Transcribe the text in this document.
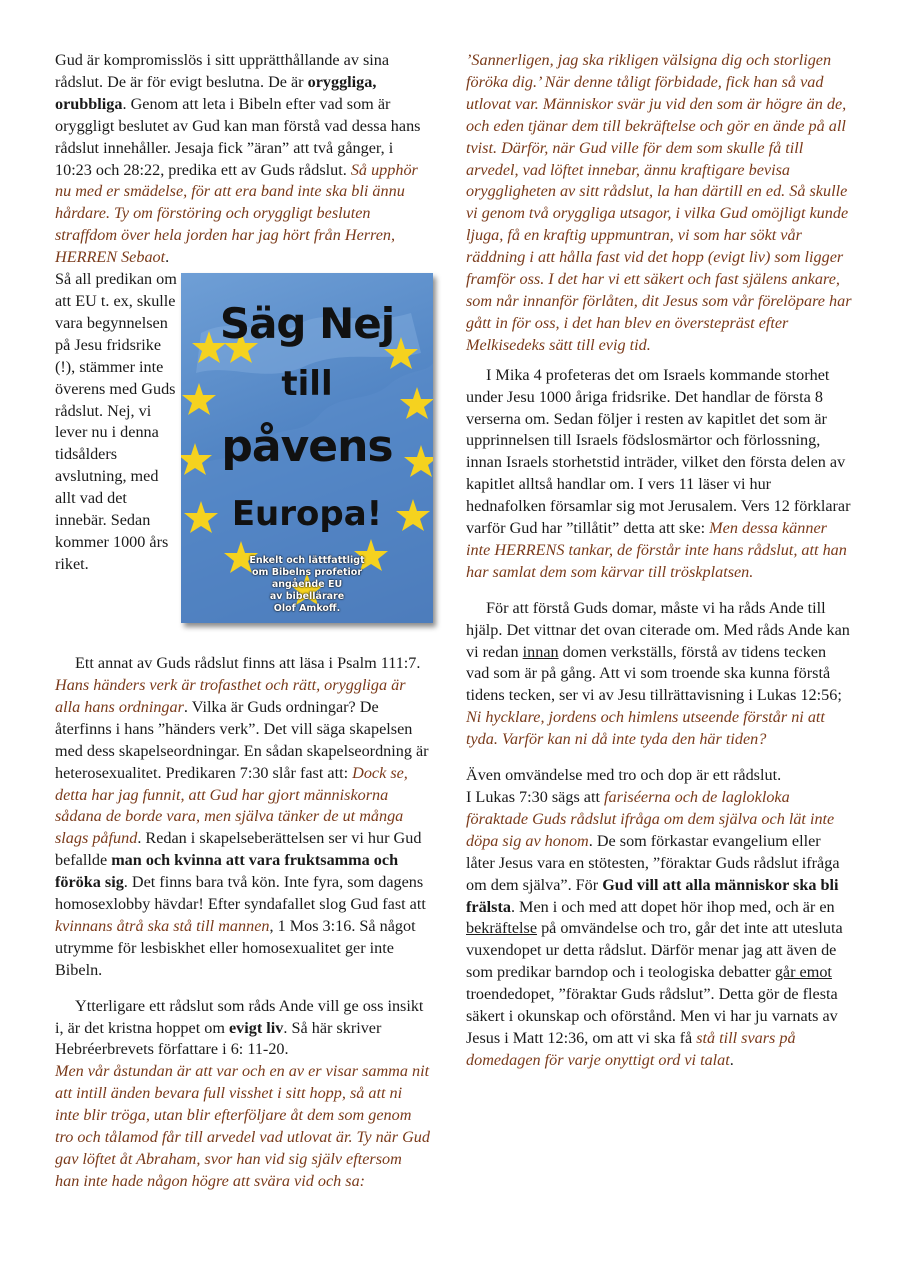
Gud är kompromisslös i sitt upprätthållande av sina rådslut. De är för evigt beslutna. De är oryggliga, orubbliga. Genom att leta i Bibeln efter vad som är oryggligt beslutet av Gud kan man förstå vad dessa hans rådslut innehåller. Jesaja fick ”äran” att två gånger, i 10:23 och 28:22, predika ett av Guds rådslut. Så upphör nu med er smädelse, för att era band inte ska bli ännu hårdare. Ty om förstöring och oryggligt besluten straffdom över hela jorden har jag hört från Herren, HERREN Sebaot.

Så all predikan om att EU t. ex, skulle vara begynnelsen på Jesu fridsrike (!), stämmer inte överens med Guds rådslut. Nej, vi lever nu i denna tidsålders avslutning, med allt vad det innebär. Sedan kommer 1000 års riket.

Säg Nej
till
påvens
Europa!
Enkelt och lättfattligt
om Bibelns profetior
angående EU
av bibellärare
Olof Amkoff.

Ett annat av Guds rådslut finns att läsa i Psalm 111:7. Hans händers verk är trofasthet och rätt, oryggliga är alla hans ordningar. Vilka är Guds ordningar? De återfinns i hans ”händers verk”. Det vill säga skapelsen med dess skapelseordningar. En sådan skapelseordning är heterosexualitet. Predikaren 7:30 slår fast att: Dock se, detta har jag funnit, att Gud har gjort människorna sådana de borde vara, men själva tänker de ut många slags påfund. Redan i skapelseberättelsen ser vi hur Gud befallde man och kvinna att vara fruktsamma och föröka sig. Det finns bara två kön. Inte fyra, som dagens homosexlobby hävdar! Efter syndafallet slog Gud fast att kvinnans åtrå ska stå till mannen, 1 Mos 3:16. Så något utrymme för lesbiskhet eller homosexualitet ger inte Bibeln.

Ytterligare ett rådslut som råds Ande vill ge oss insikt i, är det kristna hoppet om evigt liv. Så här skriver Hebréerbrevets författare i 6: 11-20.

Men vår åstundan är att var och en av er visar samma nit att intill änden bevara full visshet i sitt hopp, så att ni inte blir tröga, utan blir efterföljare åt dem som genom tro och tålamod får till arvedel vad utlovat är. Ty när Gud gav löftet åt Abraham, svor han vid sig själv eftersom han inte hade någon högre att svära vid och sa:

’Sannerligen, jag ska rikligen välsigna dig och storligen föröka dig.’ När denne tåligt förbidade, fick han så vad utlovat var. Människor svär ju vid den som är högre än de, och eden tjänar dem till bekräftelse och gör en ände på all tvist. Därför, när Gud ville för dem som skulle få till arvedel, vad löftet innebar, ännu kraftigare bevisa oryggligheten av sitt rådslut, la han därtill en ed. Så skulle vi genom två oryggliga utsagor, i vilka Gud omöjligt kunde ljuga, få en kraftig uppmuntran, vi som har sökt vår räddning i att hålla fast vid det hopp (evigt liv) som ligger framför oss. I det har vi ett säkert och fast själens ankare, som når innanför förlåten, dit Jesus som vår förelöpare har gått in för oss, i det han blev en överstepräst efter Melkisedeks sätt till evig tid.

I Mika 4 profeteras det om Israels kommande storhet under Jesu 1000 åriga fridsrike. Det handlar de första 8 verserna om. Sedan följer i resten av kapitlet det som är upprinnelsen till Israels födslosmärtor och förlossning, innan Israels storhetstid inträder, vilket den första delen av kapitlet alltså handlar om. I vers 11 läser vi hur hednafolken församlar sig mot Jerusalem. Vers 12 förklarar varför Gud har ”tillåtit” detta att ske: Men dessa känner inte HERRENS tankar, de förstår inte hans rådslut, att han har samlat dem som kärvar till tröskplatsen.

För att förstå Guds domar, måste vi ha råds Ande till hjälp. Det vittnar det ovan citerade om. Med råds Ande kan vi redan innan domen verkställs, förstå av tidens tecken vad som är på gång. Att vi som troende ska kunna förstå tidens tecken, ser vi av Jesu tillrättavisning i Lukas 12:56; Ni hycklare, jordens och himlens utseende förstår ni att tyda. Varför kan ni då inte tyda den här tiden?

Även omvändelse med tro och dop är ett rådslut.

I Lukas 7:30 sägs att fariséerna och de laglokloka föraktade Guds rådslut ifråga om dem själva och lät inte döpa sig av honom. De som förkastar evangelium eller låter Jesus vara en stötesten, ”föraktar Guds rådslut ifråga om dem själva”. För Gud vill att alla människor ska bli frälsta. Men i och med att dopet hör ihop med, och är en bekräftelse på omvändelse och tro, går det inte att utesluta vuxendopet ur detta rådslut. Därför menar jag att även de som predikar barndop och i teologiska debatter går emot troendedopet, ”föraktar Guds rådslut”. Detta gör de flesta säkert i okunskap och oförstånd. Men vi har ju varnats av Jesus i Matt 12:36, om att vi ska få stå till svars på domedagen för varje onyttigt ord vi talat.
